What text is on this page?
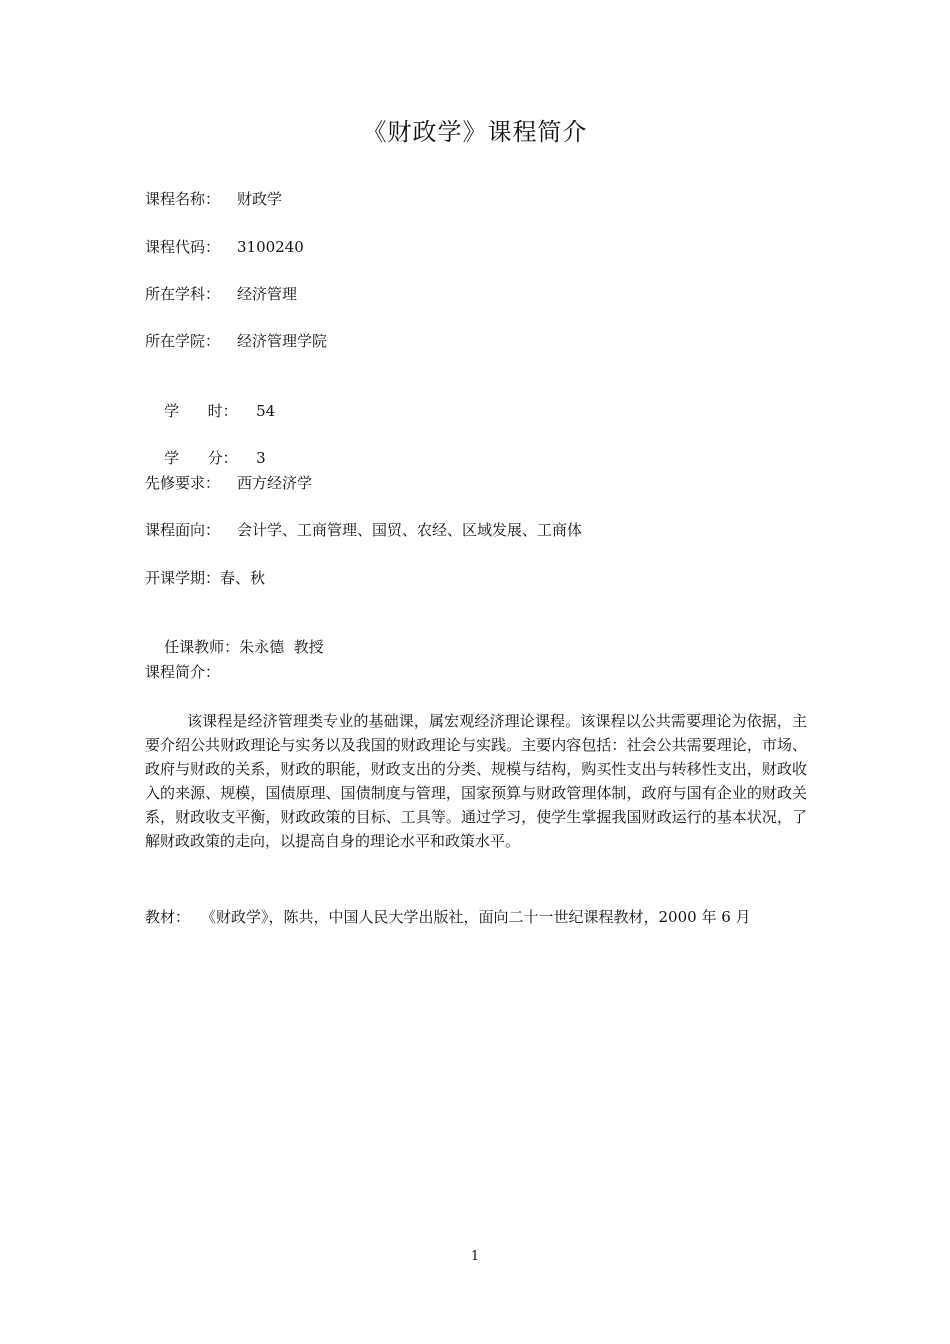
《财政学》课程简介
课程名称： 财政学
课程代码： 3100240
所在学科： 经济管理
所在学院： 经济管理学院

学      时： 54

学      分： 3

先修要求： 西方经济学
课程面向： 会计学、工商管理、国贸、农经、区域发展、工商体
开课学期：春、秋

任课教师：朱永德  教授

课程简介：
该课程是经济管理类专业的基础课，属宏观经济理论课程。该课程以公共需要理论为依据，主要介绍公共财政理论与实务以及我国的财政理论与实践。主要内容包括：社会公共需要理论，市场、政府与财政的关系，财政的职能，财政支出的分类、规模与结构，购买性支出与转移性支出，财政收入的来源、规模，国债原理、国债制度与管理，国家预算与财政管理体制，政府与国有企业的财政关系，财政收支平衡，财政政策的目标、工具等。通过学习，使学生掌握我国财政运行的基本状况，了解财政政策的走向，以提高自身的理论水平和政策水平。
教材： 《财政学》，陈共，中国人民大学出版社，面向二十一世纪课程教材，2000 年 6 月
1
